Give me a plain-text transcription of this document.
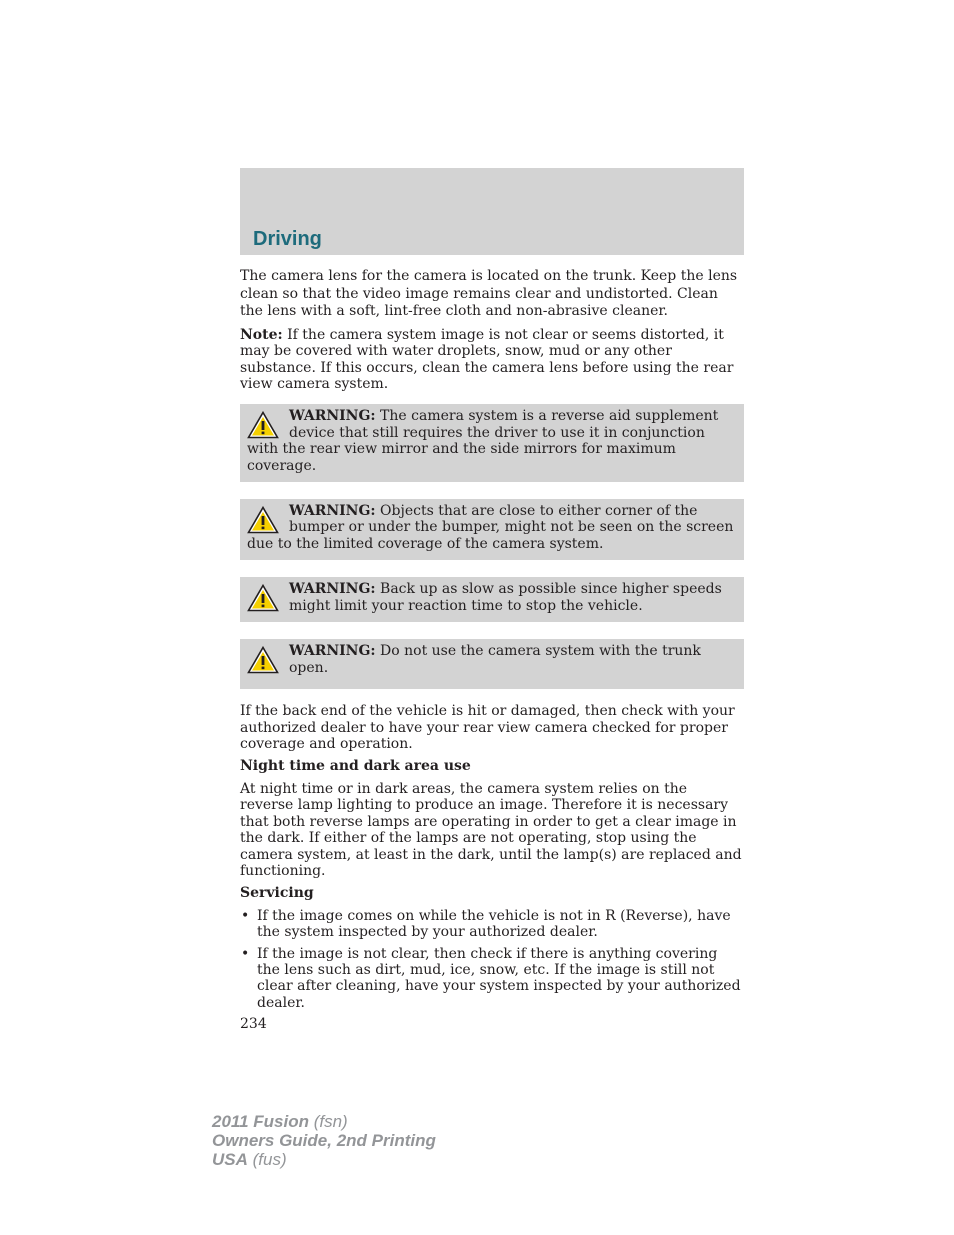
Driving

The camera lens for the camera is located on the trunk. Keep the lens clean so that the video image remains clear and undistorted. Clean the lens with a soft, lint-free cloth and non-abrasive cleaner.

Note: If the camera system image is not clear or seems distorted, it may be covered with water droplets, snow, mud or any other substance. If this occurs, clean the camera lens before using the rear view camera system.

WARNING: The camera system is a reverse aid supplement device that still requires the driver to use it in conjunction with the rear view mirror and the side mirrors for maximum coverage.

WARNING: Objects that are close to either corner of the bumper or under the bumper, might not be seen on the screen due to the limited coverage of the camera system.

WARNING: Back up as slow as possible since higher speeds might limit your reaction time to stop the vehicle.

WARNING: Do not use the camera system with the trunk open.

If the back end of the vehicle is hit or damaged, then check with your authorized dealer to have your rear view camera checked for proper coverage and operation.

Night time and dark area use

At night time or in dark areas, the camera system relies on the reverse lamp lighting to produce an image. Therefore it is necessary that both reverse lamps are operating in order to get a clear image in the dark. If either of the lamps are not operating, stop using the camera system, at least in the dark, until the lamp(s) are replaced and functioning.

Servicing
• If the image comes on while the vehicle is not in R (Reverse), have the system inspected by your authorized dealer.
• If the image is not clear, then check if there is anything covering the lens such as dirt, mud, ice, snow, etc. If the image is still not clear after cleaning, have your system inspected by your authorized dealer.
234
2011 Fusion (fsn)
Owners Guide, 2nd Printing
USA (fus)
